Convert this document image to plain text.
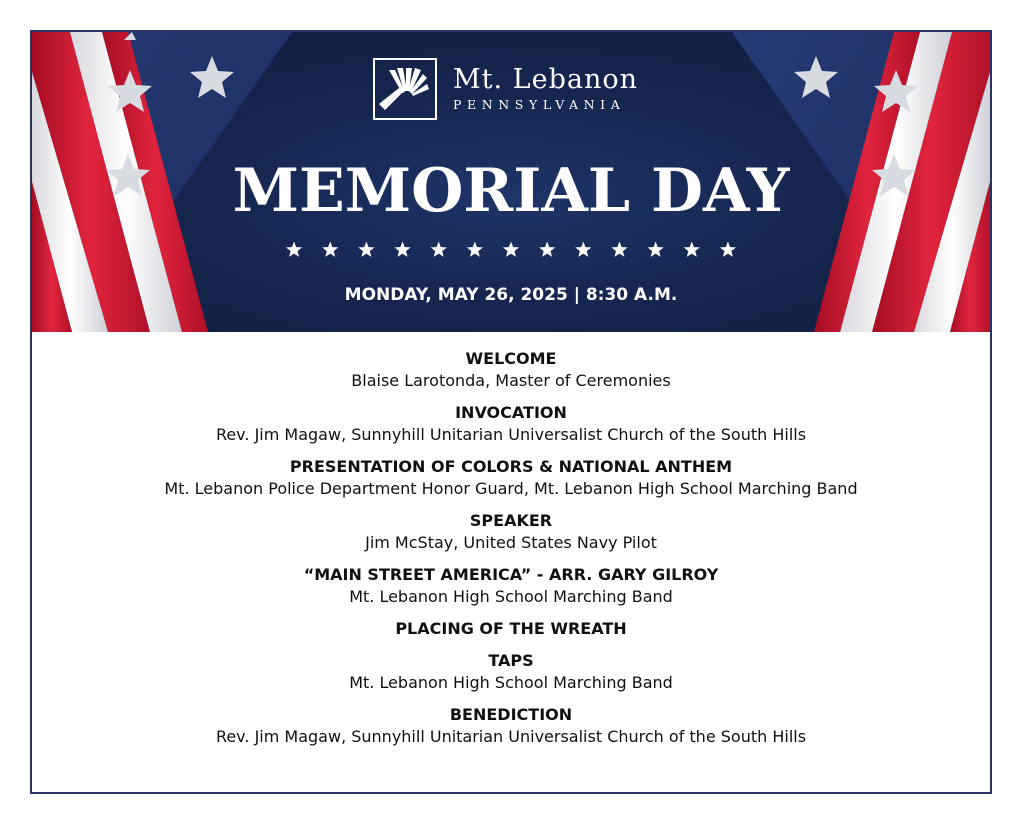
Mt. Lebanon
PENNSYLVANIA
MEMORIAL DAY
MONDAY, MAY 26, 2025 | 8:30 A.M.
WELCOME
Blaise Larotonda, Master of Ceremonies
INVOCATION
Rev. Jim Magaw, Sunnyhill Unitarian Universalist Church of the South Hills
PRESENTATION OF COLORS & NATIONAL ANTHEM
Mt. Lebanon Police Department Honor Guard, Mt. Lebanon High School Marching Band
SPEAKER
Jim McStay, United States Navy Pilot
“MAIN STREET AMERICA” - ARR. GARY GILROY
Mt. Lebanon High School Marching Band
PLACING OF THE WREATH
TAPS
Mt. Lebanon High School Marching Band
BENEDICTION
Rev. Jim Magaw, Sunnyhill Unitarian Universalist Church of the South Hills
